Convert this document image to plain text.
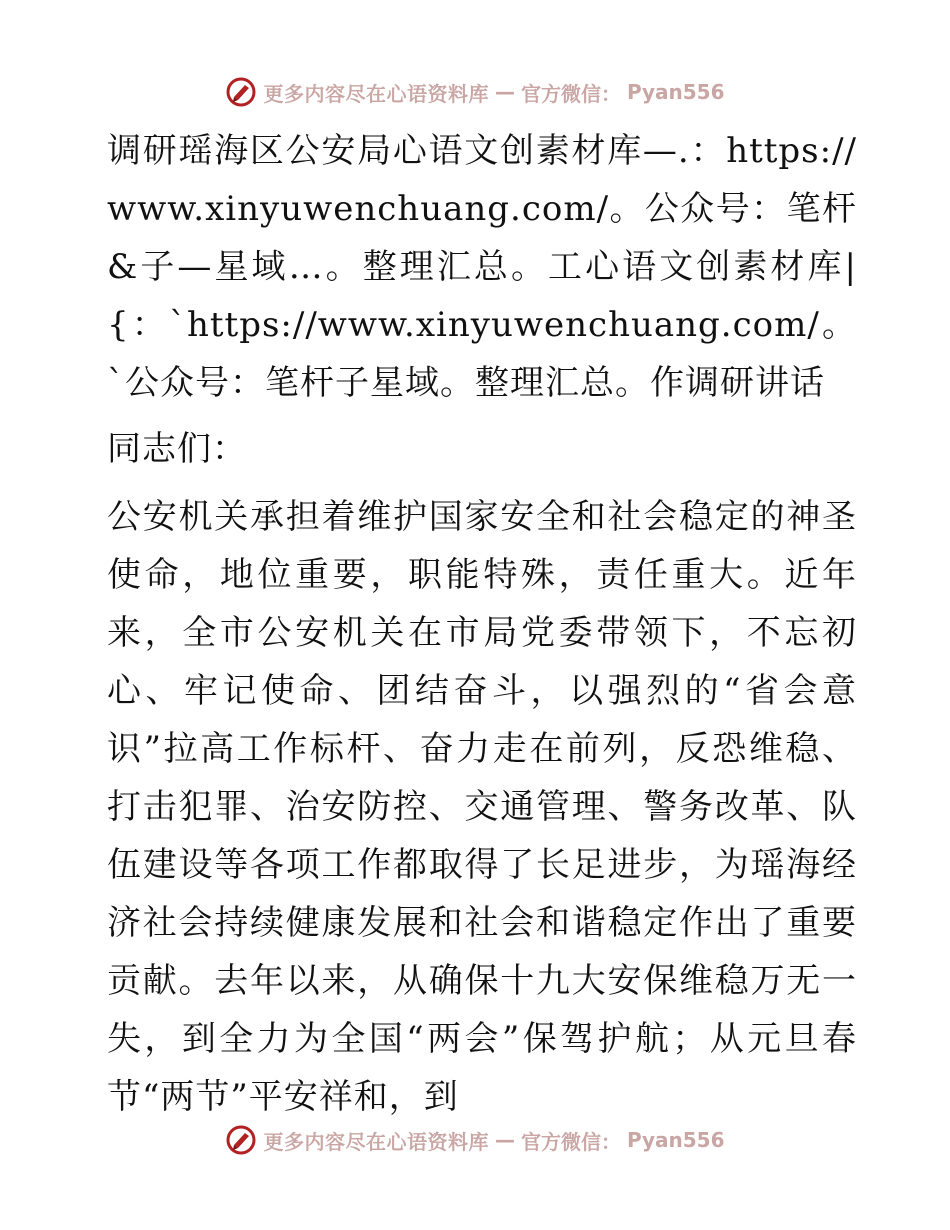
更多内容尽在心语资料库 — 官方微信： Pyan556

调研瑶海区公安局心语文创素材库—.：https://www.xinyuwenchuang.com/。公众号：笔杆&子—星域…。整理汇总。工心语文创素材库|{：`https://www.xinyuwenchuang.com/。`公众号：笔杆子星域。整理汇总。作调研讲话

同志们：

公安机关承担着维护国家安全和社会稳定的神圣使命，地位重要，职能特殊，责任重大。近年来，全市公安机关在市局党委带领下，不忘初心、牢记使命、团结奋斗，以强烈的“省会意识”拉高工作标杆、奋力走在前列，反恐维稳、打击犯罪、治安防控、交通管理、警务改革、队伍建设等各项工作都取得了长足进步，为瑶海经济社会持续健康发展和社会和谐稳定作出了重要贡献。去年以来，从确保十九大安保维稳万无一失，到全力为全国“两会”保驾护航；从元旦春节“两节”平安祥和，到

更多内容尽在心语资料库 — 官方微信： Pyan556
